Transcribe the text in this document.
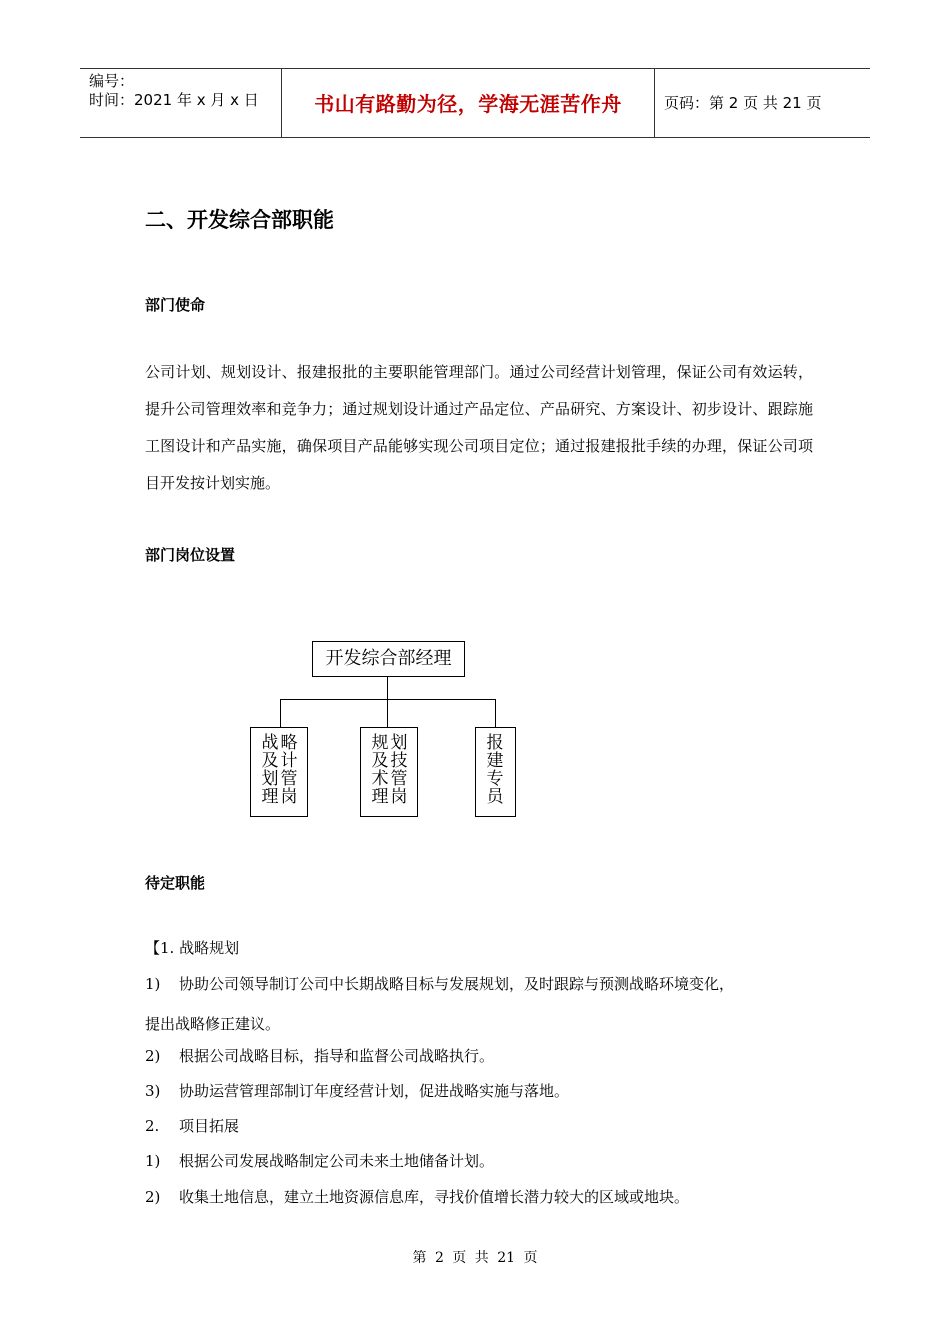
编号：
时间：2021 年 x 月 x 日	书山有路勤为径，学海无涯苦作舟	页码：第 2 页 共 21 页
二、开发综合部职能
部门使命
公司计划、规划设计、报建报批的主要职能管理部门。通过公司经营计划管理，保证公司有效运转，提升公司管理效率和竞争力；通过规划设计通过产品定位、产品研究、方案设计、初步设计、跟踪施工图设计和产品实施，确保项目产品能够实现公司项目定位；通过报建报批手续的办理，保证公司项目开发按计划实施。
部门岗位设置
开发综合部经理
战及划理
略计管岗
规及术理
划技管岗
报建专员
待定职能
【1. 战略规划
1) 协助公司领导制订公司中长期战略目标与发展规划，及时跟踪与预测战略环境变化，
提出战略修正建议。
2) 根据公司战略目标，指导和监督公司战略执行。
3) 协助运营管理部制订年度经营计划，促进战略实施与落地。
2. 项目拓展
1) 根据公司发展战略制定公司未来土地储备计划。
2) 收集土地信息，建立土地资源信息库，寻找价值增长潜力较大的区域或地块。
第 2 页 共 21 页
